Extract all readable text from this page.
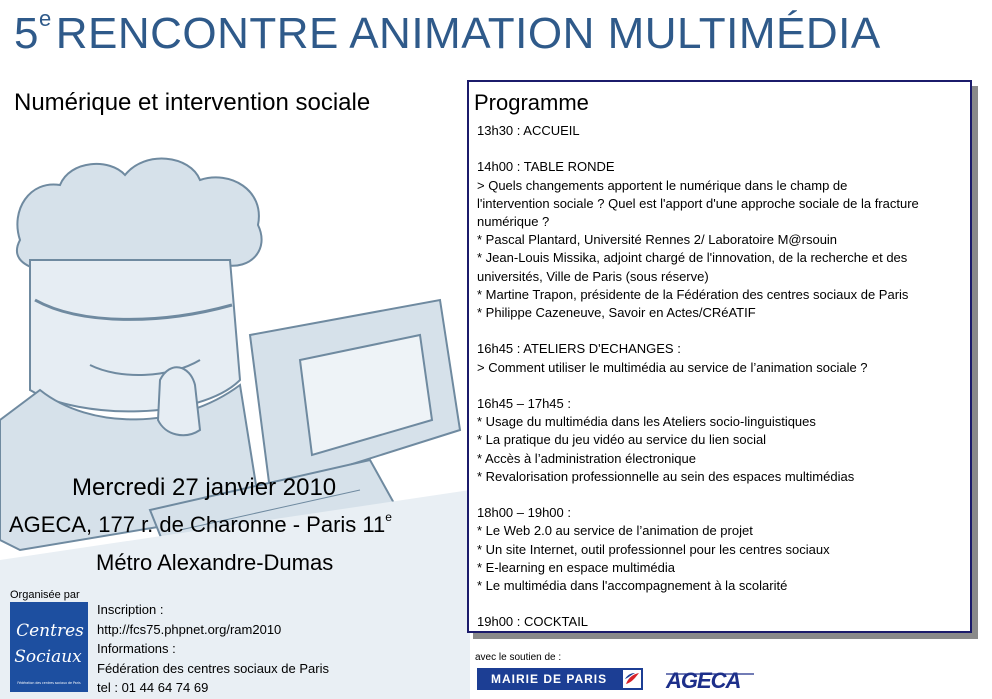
5eRENCONTRE ANIMATION MULTIMÉDIA
Numérique et intervention sociale	Programme
13h30 : ACCUEIL
14h00 : TABLE RONDE
> Quels changements apportent le numérique dans le champ de
l'intervention sociale ? Quel est l'apport d'une approche sociale de la fracture
numérique ?
* Pascal Plantard, Université Rennes 2/ Laboratoire M@rsouin
* Jean-Louis Missika, adjoint chargé de l'innovation, de la recherche et des
universités, Ville de Paris (sous réserve)
* Martine Trapon, présidente de la Fédération des centres sociaux de Paris
* Philippe Cazeneuve, Savoir en Actes/CRéATIF
16h45 : ATELIERS D'ECHANGES :
> Comment utiliser le multimédia au service de l’animation sociale ?
16h45 – 17h45 :
* Usage du multimédia dans les Ateliers socio-linguistiques
* La pratique du jeu vidéo au service du lien social
* Accès à l’administration électronique
* Revalorisation professionnelle au sein des espaces multimédias
18h00 – 19h00 :
* Le Web 2.0 au service de l’animation de projet
* Un site Internet, outil professionnel pour les centres sociaux
* E-learning en espace multimédia
* Le multimédia dans l'accompagnement à la scolarité
19h00 : COCKTAIL
Mercredi 27 janvier 2010
AGECA, 177 r. de Charonne - Paris 11e
Métro Alexandre-Dumas
Organisée par
Centres
Sociaux
Fédération des centres sociaux de Paris
Inscription :
http://fcs75.phpnet.org/ram2010
Informations :
Fédération des centres sociaux de Paris
tel : 01 44 64 74 69
avec le soutien de :
MAIRIE DE PARIS	AGECA
